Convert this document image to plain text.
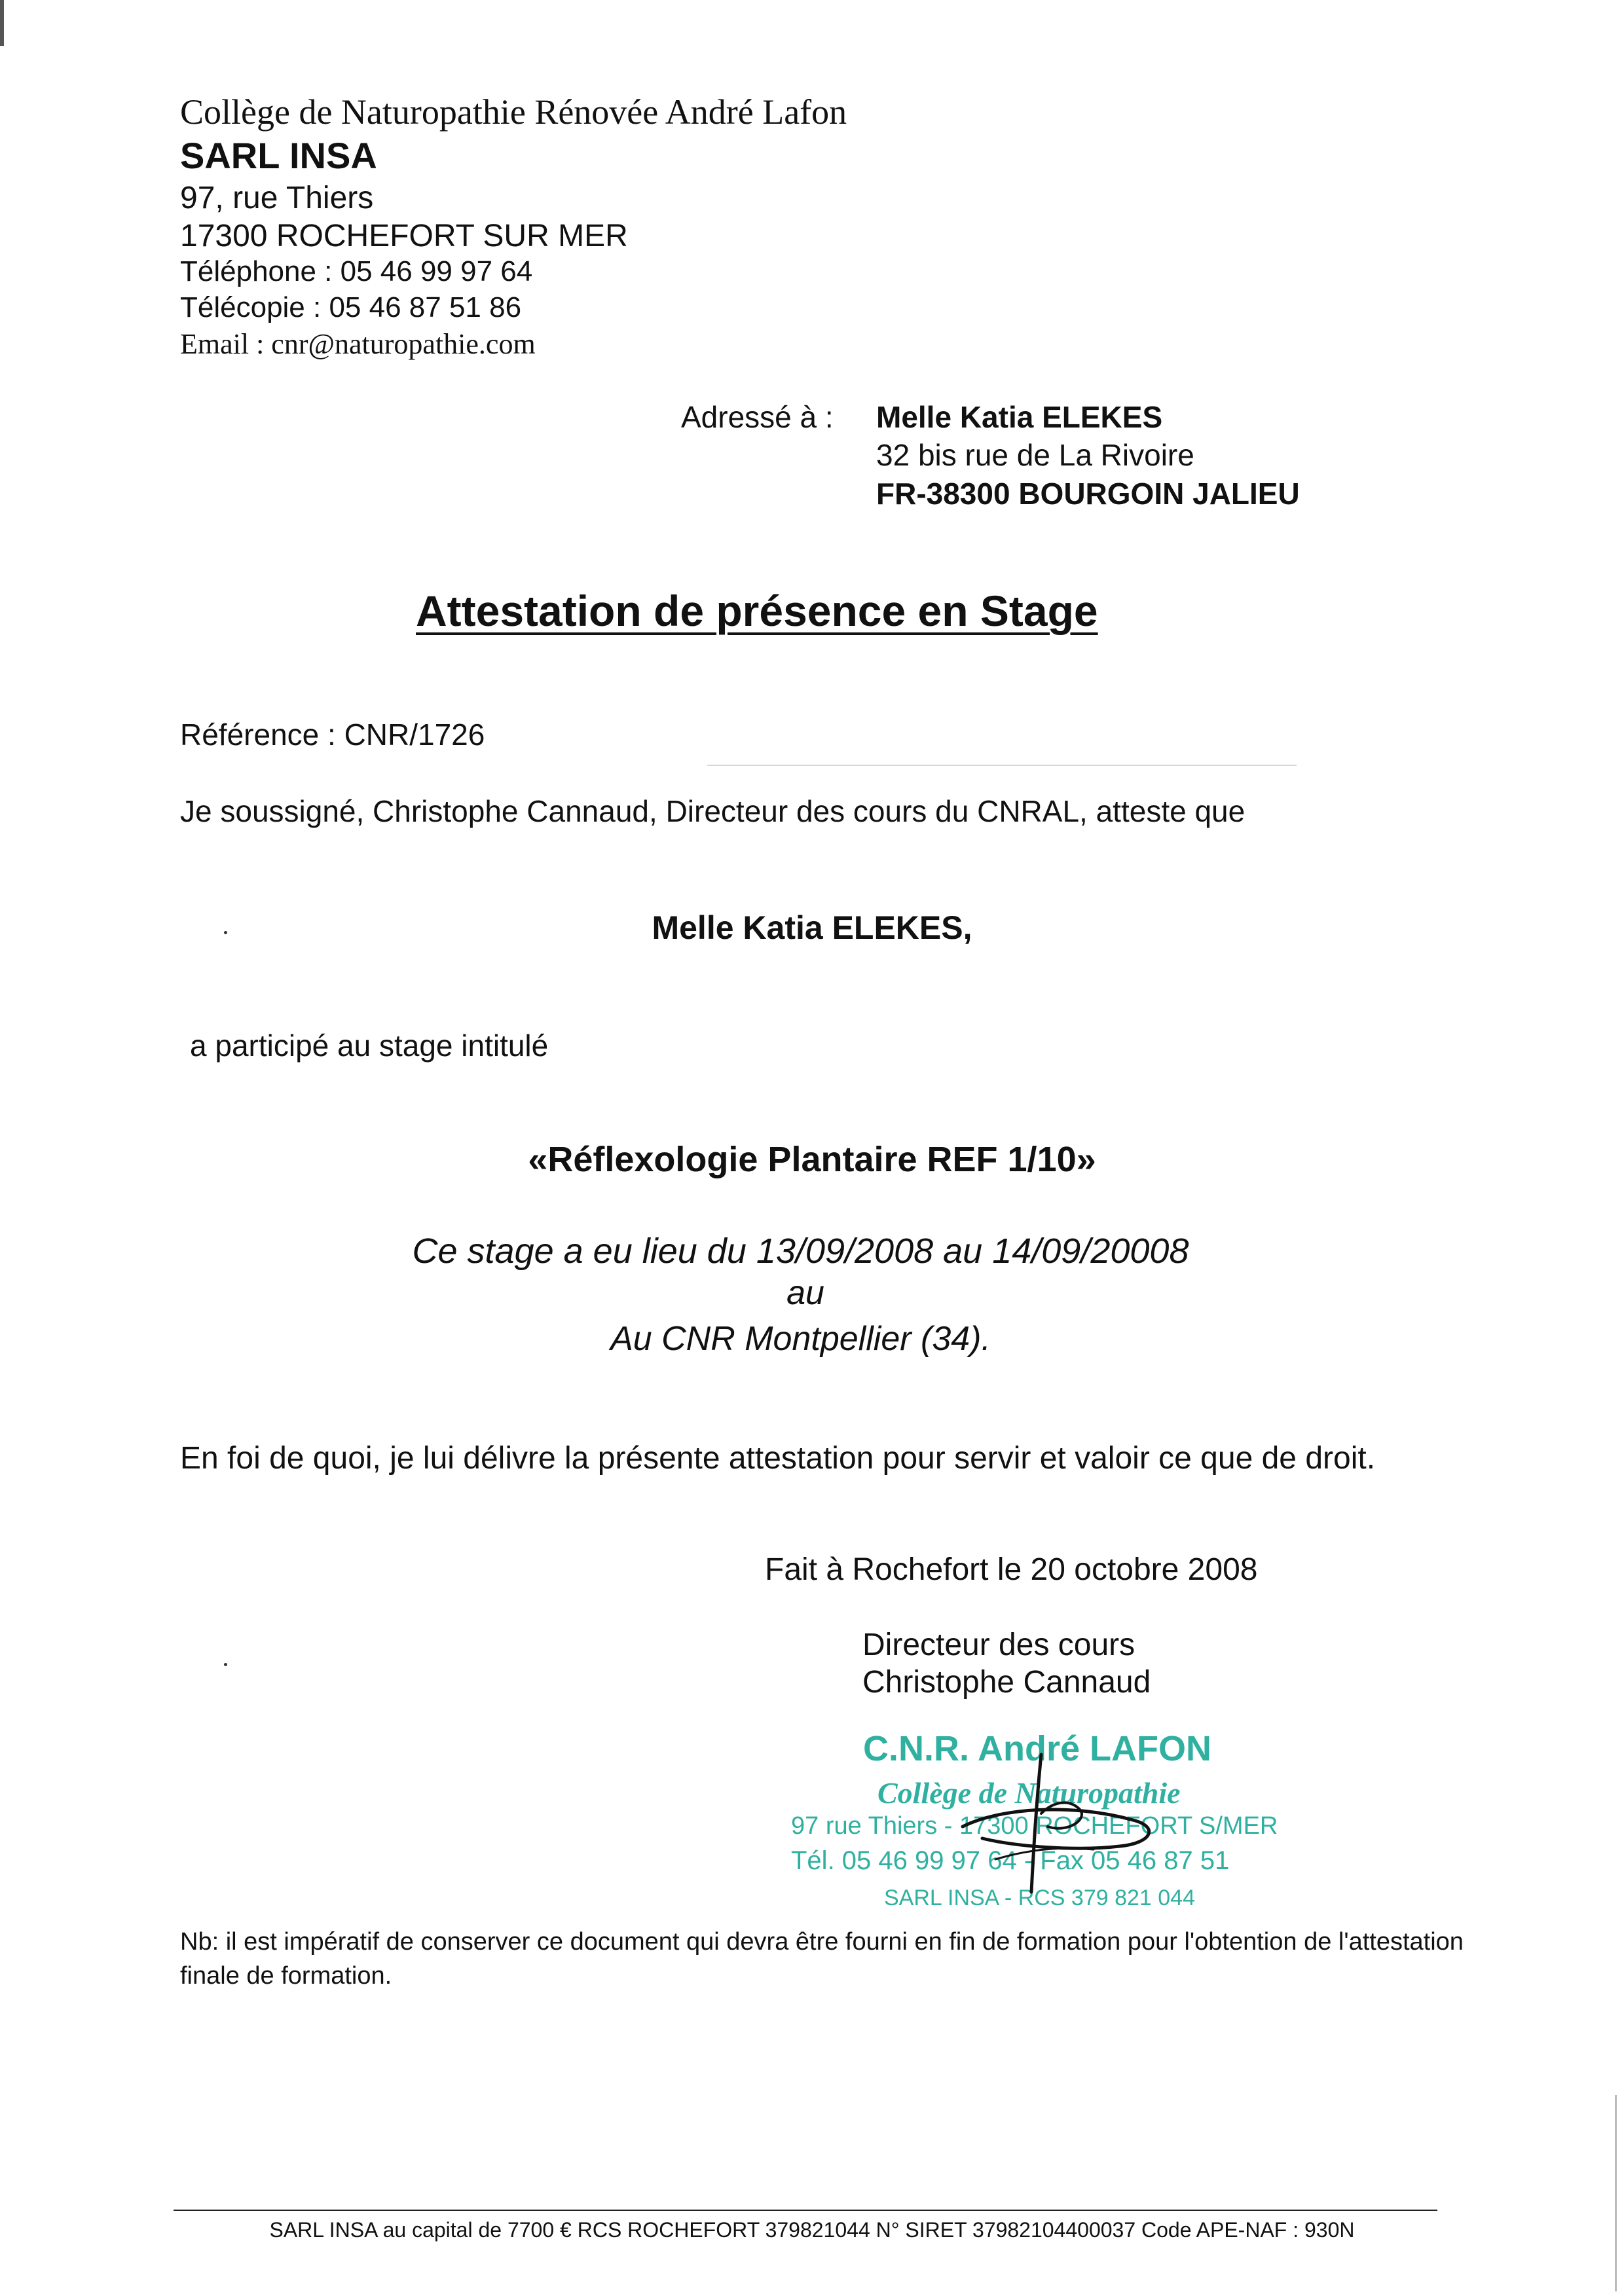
Collège de Naturopathie Rénovée André Lafon
SARL INSA
97, rue Thiers
17300 ROCHEFORT SUR MER
Téléphone : 05 46 99 97 64
Télécopie : 05 46 87 51 86
Email : cnr@naturopathie.com
Adressé à : Melle Katia ELEKES
32 bis rue de La Rivoire
FR-38300 BOURGOIN JALIEU
Attestation de présence en Stage
Référence : CNR/1726
Je soussigné, Christophe Cannaud, Directeur des cours du CNRAL, atteste que
Melle Katia ELEKES,
a participé au stage intitulé
«Réflexologie Plantaire REF 1/10»
Ce stage a eu lieu du 13/09/2008 au 14/09/20008
au
Au CNR Montpellier (34).
En foi de quoi, je lui délivre la présente attestation pour servir et valoir ce que de droit.
Fait à Rochefort le 20 octobre 2008
Directeur des cours
Christophe Cannaud
C.N.R. André LAFON
Collège de Naturopathie
97 rue Thiers - 17300 ROCHEFORT S/MER
Tél. 05 46 99 97 64 - Fax 05 46 87 51
SARL INSA - RCS 379 821 044
Nb: il est impératif de conserver ce document qui devra être fourni en fin de formation pour l'obtention de l'attestation finale de formation.
SARL INSA au capital de 7700 € RCS ROCHEFORT 379821044 N° SIRET 37982104400037 Code APE-NAF : 930N
